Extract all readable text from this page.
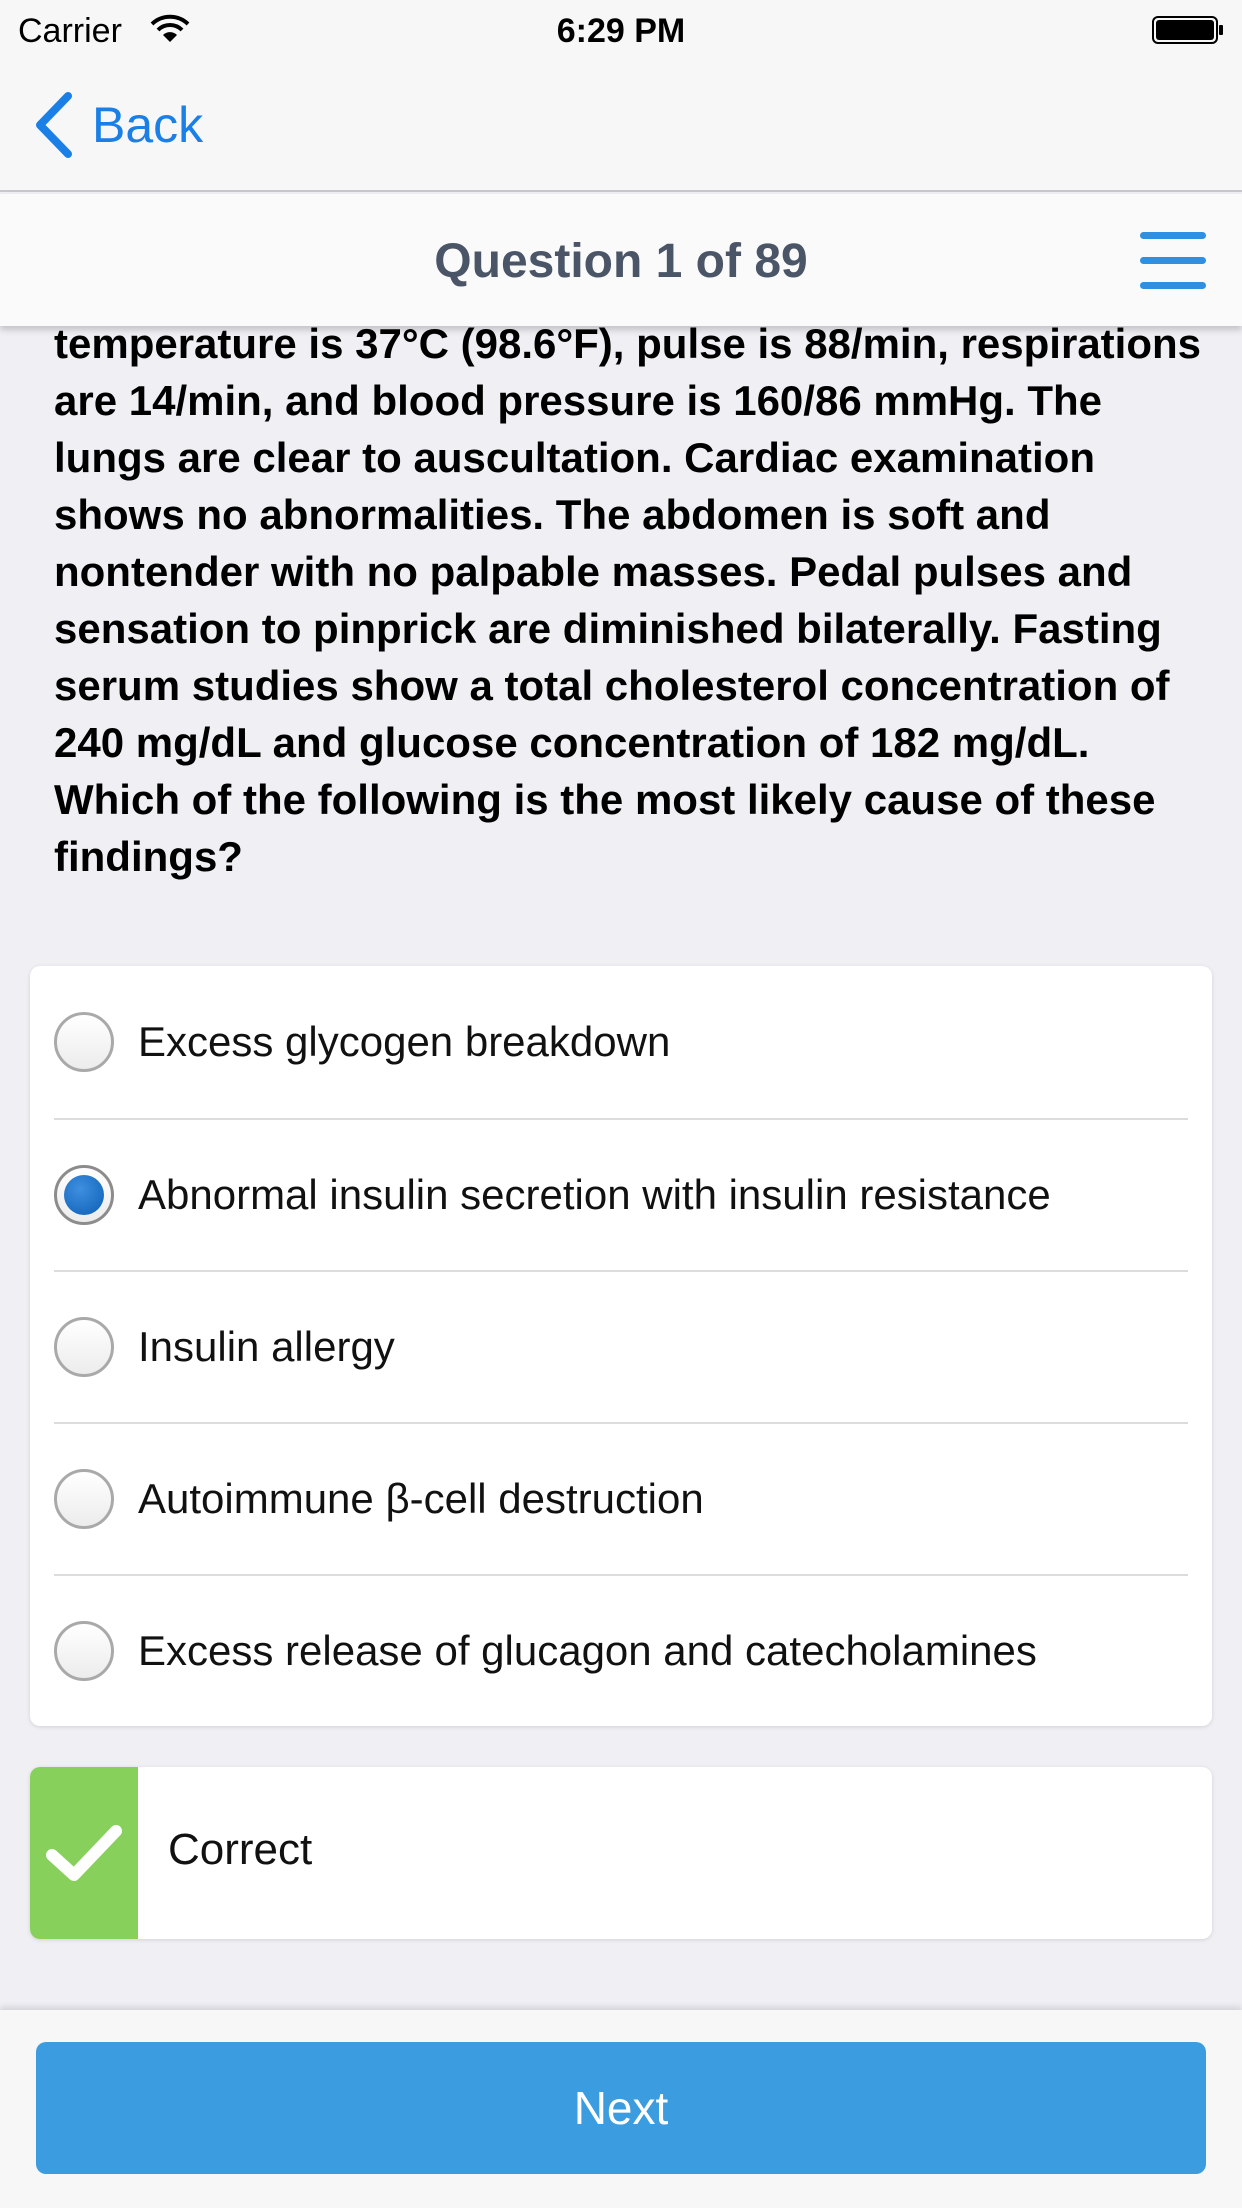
Carrier	6:29 PM
Back
Question 1 of 89
temperature is 37°C (98.6°F), pulse is 88/min, respirations are 14/min, and blood pressure is 160/86 mmHg. The lungs are clear to auscultation. Cardiac examination shows no abnormalities. The abdomen is soft and nontender with no palpable masses. Pedal pulses and sensation to pinprick are diminished bilaterally. Fasting serum studies show a total cholesterol concentration of 240 mg/dL and glucose concentration of 182 mg/dL. Which of the following is the most likely cause of these findings?
Excess glycogen breakdown
Abnormal insulin secretion with insulin resistance
Insulin allergy
Autoimmune β-cell destruction
Excess release of glucagon and catecholamines
Correct
Next
